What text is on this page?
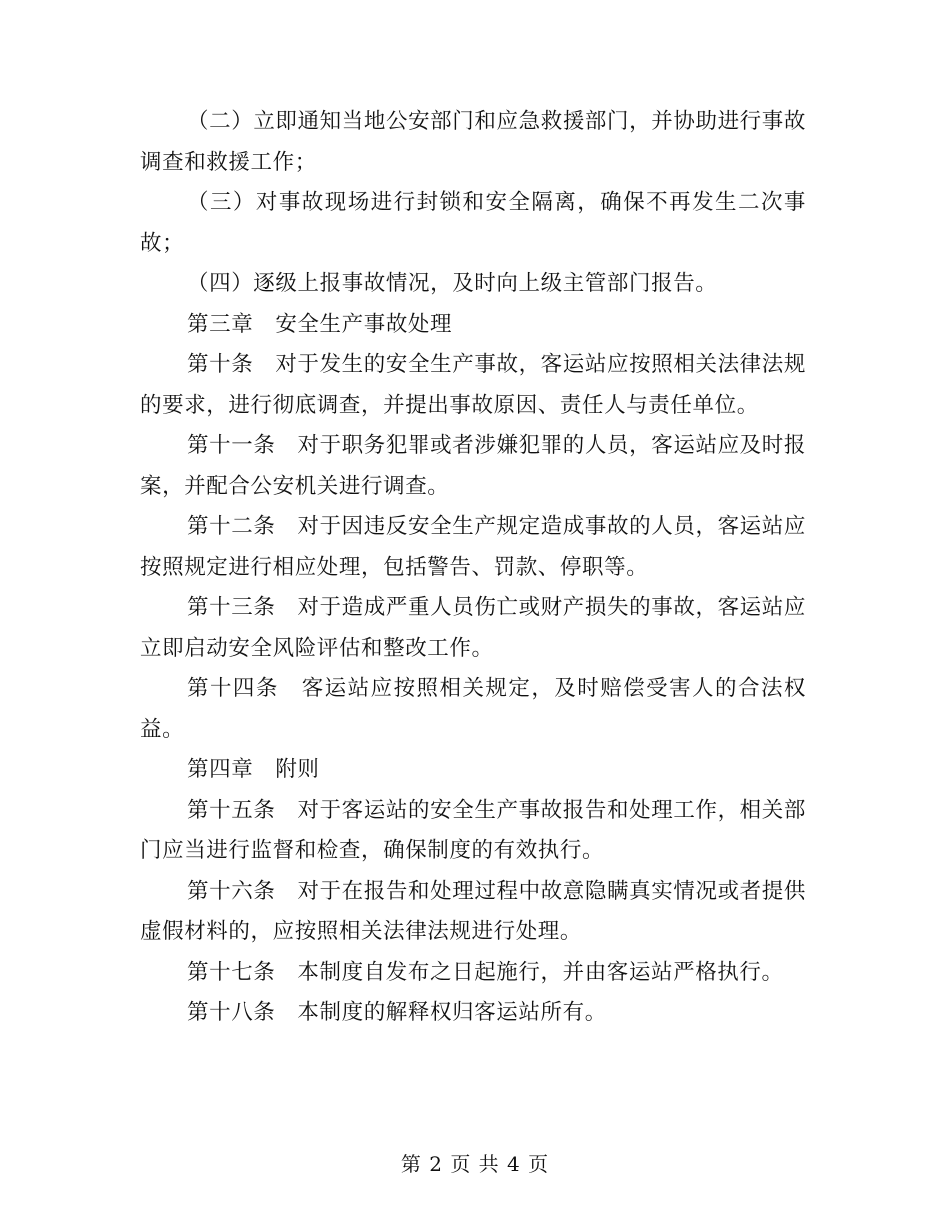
（二）立即通知当地公安部门和应急救援部门，并协助进行事故调查和救援工作；

（三）对事故现场进行封锁和安全隔离，确保不再发生二次事故；

（四）逐级上报事故情况，及时向上级主管部门报告。

第三章 安全生产事故处理

第十条 对于发生的安全生产事故，客运站应按照相关法律法规的要求，进行彻底调查，并提出事故原因、责任人与责任单位。

第十一条 对于职务犯罪或者涉嫌犯罪的人员，客运站应及时报案，并配合公安机关进行调查。

第十二条 对于因违反安全生产规定造成事故的人员，客运站应按照规定进行相应处理，包括警告、罚款、停职等。

第十三条 对于造成严重人员伤亡或财产损失的事故，客运站应立即启动安全风险评估和整改工作。

第十四条 客运站应按照相关规定，及时赔偿受害人的合法权益。

第四章 附则

第十五条 对于客运站的安全生产事故报告和处理工作，相关部门应当进行监督和检查，确保制度的有效执行。

第十六条 对于在报告和处理过程中故意隐瞒真实情况或者提供虚假材料的，应按照相关法律法规进行处理。

第十七条 本制度自发布之日起施行，并由客运站严格执行。

第十八条 本制度的解释权归客运站所有。

第 2 页 共 4 页
